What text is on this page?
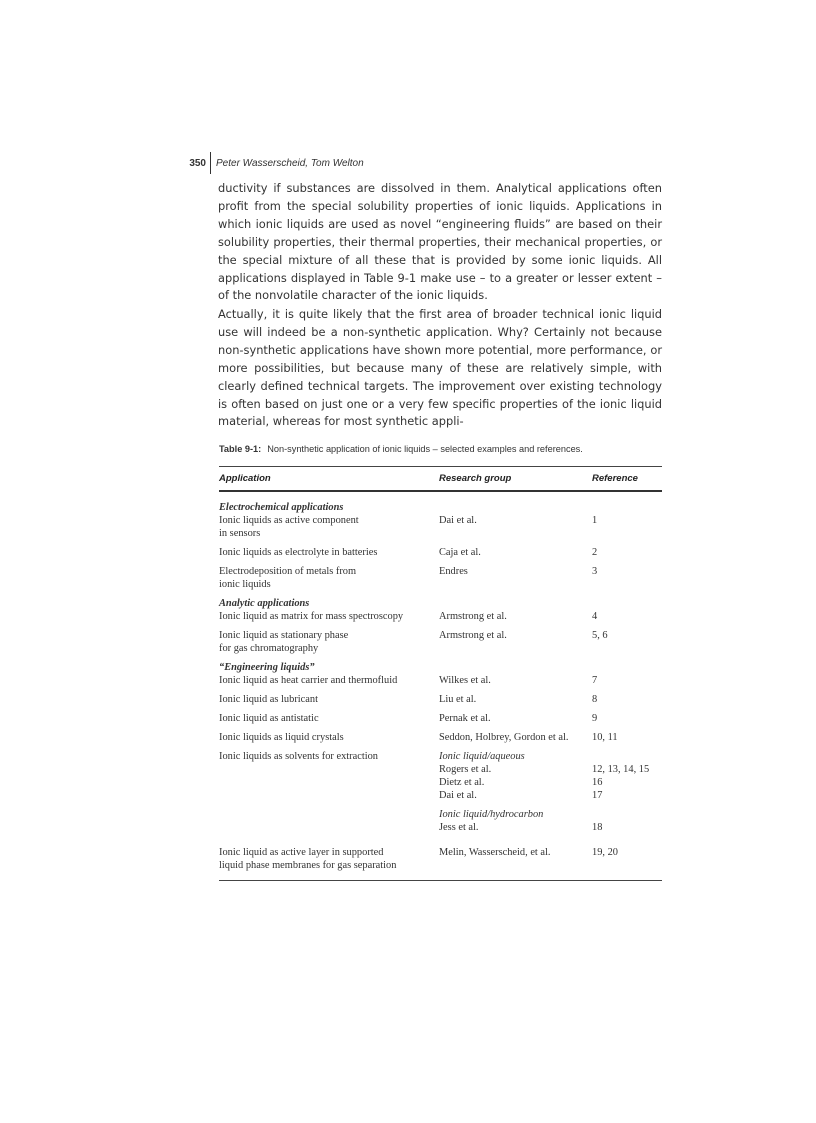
350 Peter Wasserscheid, Tom Welton

ductivity if substances are dissolved in them. Analytical applications often profit from the special solubility properties of ionic liquids. Applications in which ionic liquids are used as novel “engineering fluids” are based on their solubility properties, their thermal properties, their mechanical properties, or the special mixture of all these that is provided by some ionic liquids. All applications displayed in Table 9-1 make use – to a greater or lesser extent – of the nonvolatile character of the ionic liquids.

Actually, it is quite likely that the first area of broader technical ionic liquid use will indeed be a non-synthetic application. Why? Certainly not because non-synthetic applications have shown more potential, more performance, or more possibilities, but because many of these are relatively simple, with clearly defined technical targets. The improvement over existing technology is often based on just one or a very few specific properties of the ionic liquid material, whereas for most synthetic appli-

Table 9-1: Non-synthetic application of ionic liquids – selected examples and references.
Application	Research group	Reference
Electrochemical applications
Ionic liquids as active component
in sensors
Dai et al.	1
Ionic liquids as electrolyte in batteries	Caja et al.	2
Electrodeposition of metals from
ionic liquids
Endres	3
Analytic applications
Ionic liquid as matrix for mass spectroscopy	Armstrong et al.	4
Ionic liquid as stationary phase
for gas chromatography
Armstrong et al.	5, 6
“Engineering liquids”
Ionic liquid as heat carrier and thermofluid	Wilkes et al.	7
Ionic liquid as lubricant	Liu et al.	8
Ionic liquid as antistatic	Pernak et al.	9
Ionic liquids as liquid crystals	Seddon, Holbrey, Gordon et al.	10, 11
Ionic liquids as solvents for extraction	Ionic liquid/aqueous
Rogers et al.	12, 13, 14, 15
Dietz et al.	16
Dai et al.	17
Ionic liquid/hydrocarbon
Jess et al.	18
Ionic liquid as active layer in supported
liquid phase membranes for gas separation
Melin, Wasserscheid, et al.	19, 20
